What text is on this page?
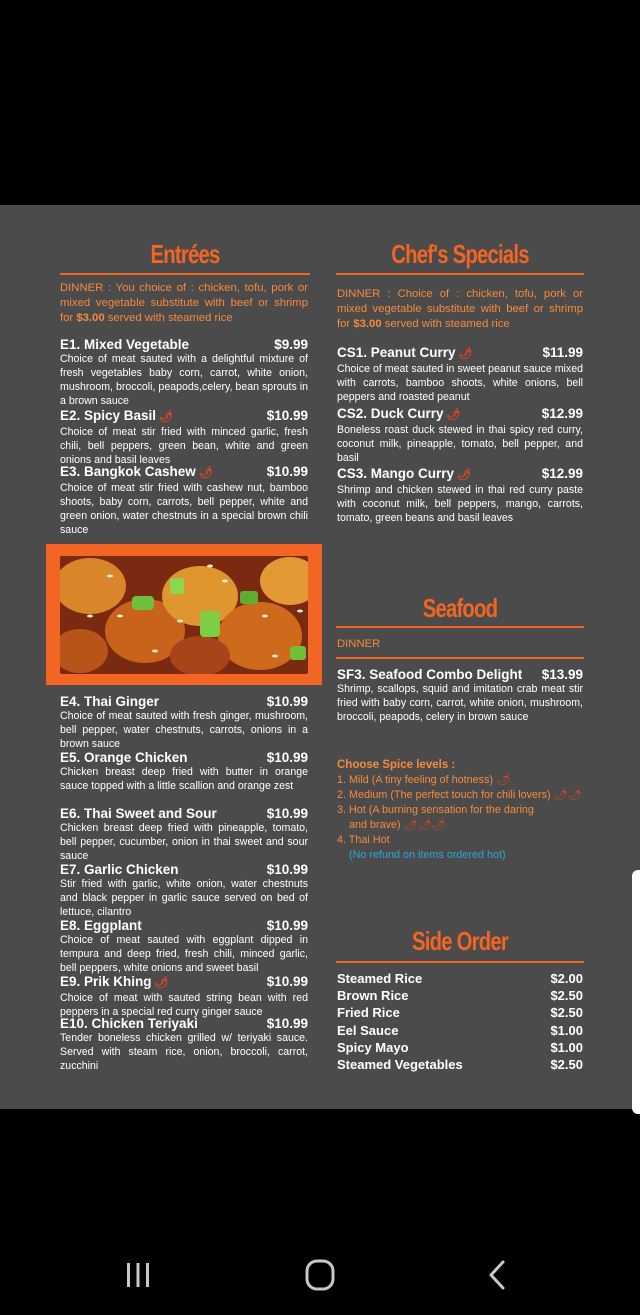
Entrées
DINNER : You choice of : chicken, tofu, pork or mixed vegetable substitute with beef or shrimp for $3.00 served with steamed rice
E1. Mixed Vegetable	$9.99
Choice of meat sauted with a delightful mixture of fresh vegetables baby corn, carrot, white onion, mushroom, broccoli, peapods,celery, bean sprouts in a brown sauce
E2. Spicy Basil 🌶	$10.99
Choice of meat stir fried with minced garlic, fresh chili, bell peppers, green bean, white and green onions and basil leaves
E3. Bangkok Cashew 🌶	$10.99
Choice of meat stir fried with cashew nut, bamboo shoots, baby corn, carrots, bell pepper, white and green onion, water chestnuts in a special brown chili sauce
E4. Thai Ginger	$10.99
Choice of meat sauted with fresh ginger, mushroom, bell pepper, water chestnuts, carrots, onions in a brown sauce
E5. Orange Chicken	$10.99
Chicken breast deep fried with butter in orange sauce topped with a little scallion and orange zest
E6. Thai Sweet and Sour	$10.99
Chicken breast deep fried with pineapple, tomato, bell pepper, cucumber, onion in thai sweet and sour sauce
E7. Garlic Chicken	$10.99
Stir fried with garlic, white onion, water chestnuts and black pepper in garlic sauce served on bed of lettuce, cilantro
E8. Eggplant	$10.99
Choice of meat sauted with eggplant dipped in tempura and deep fried, fresh chili, minced garlic, bell peppers, white onions and sweet basil
E9. Prik Khing 🌶	$10.99
Choice of meat with sauted string bean with red peppers in a special red curry ginger sauce
E10. Chicken Teriyaki	$10.99
Tender boneless chicken grilled w/ teriyaki sauce. Served with steam rice, onion, broccoli, carrot, zucchini
Chef's Specials
DINNER : Choice of : chicken, tofu, pork or mixed vegetable substitute with beef or shrimp for $3.00 served with steamed rice
CS1. Peanut Curry 🌶	$11.99
Choice of meat sauted in sweet peanut sauce mixed with carrots, bamboo shoots, white onions, bell peppers and roasted peanut
CS2. Duck Curry 🌶	$12.99
Boneless roast duck stewed in thai spicy red curry, coconut milk, pineapple, tomato, bell pepper, and basil
CS3. Mango Curry 🌶	$12.99
Shrimp and chicken stewed in thai red curry paste with coconut milk, bell peppers, mango, carrots, tomato, green beans and basil leaves
Seafood
DINNER
SF3. Seafood Combo Delight $13.99
Shrimp, scallops, squid and imitation crab meat stir fried with baby corn, carrot, white onion, mushroom, broccoli, peapods, celery in brown sauce
Choose Spice levels :
1. Mild (A tiny feeling of hotness) 🌶
2. Medium (The perfect touch for chili lovers) 🌶🌶
3. Hot (A burning sensation for the daring
and brave) 🌶🌶🌶
4. Thai Hot
(No refund on items ordered hot)
Side Order
Steamed Rice	$2.00
Brown Rice	$2.50
Fried Rice	$2.50
Eel Sauce	$1.00
Spicy Mayo	$1.00
Steamed Vegetables	$2.50
